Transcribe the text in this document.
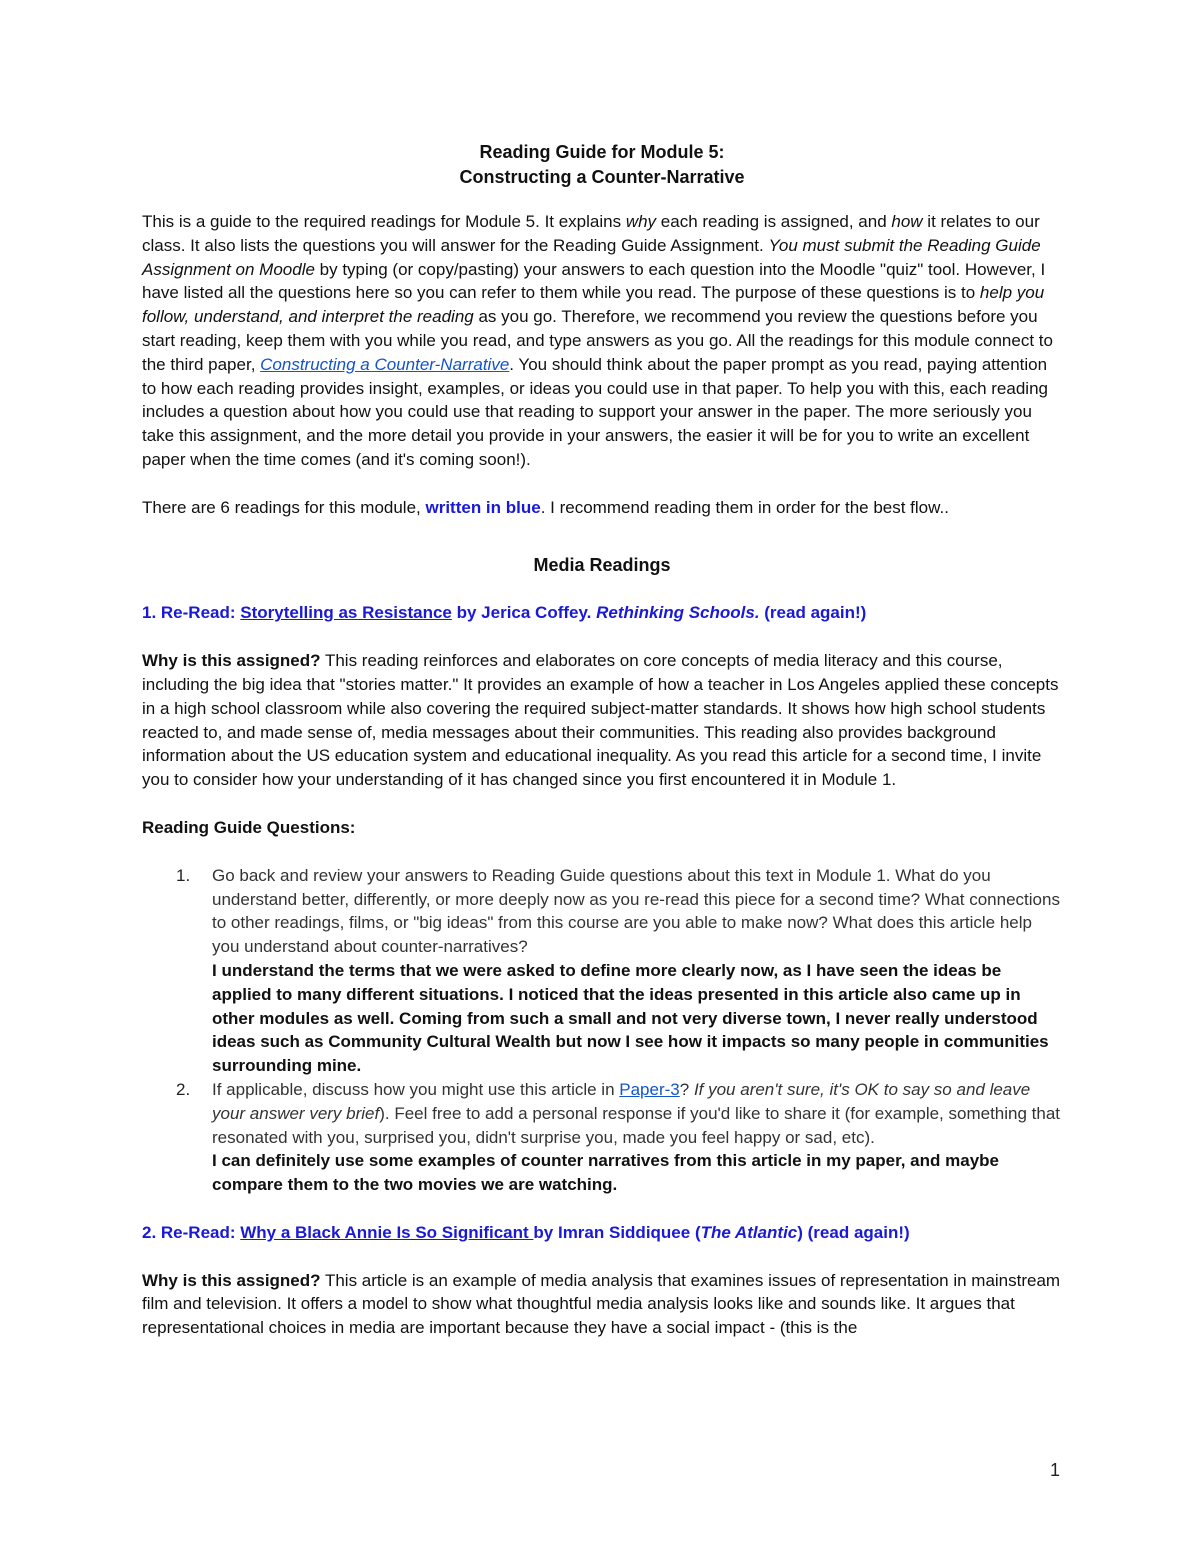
Reading Guide for Module 5:

Constructing a Counter-Narrative

This is a guide to the required readings for Module 5. It explains why each reading is assigned, and how it relates to our class. It also lists the questions you will answer for the Reading Guide Assignment. You must submit the Reading Guide Assignment on Moodle by typing (or copy/pasting) your answers to each question into the Moodle "quiz" tool. However, I have listed all the questions here so you can refer to them while you read. The purpose of these questions is to help you follow, understand, and interpret the reading as you go. Therefore, we recommend you review the questions before you start reading, keep them with you while you read, and type answers as you go. All the readings for this module connect to the third paper, Constructing a Counter-Narrative. You should think about the paper prompt as you read, paying attention to how each reading provides insight, examples, or ideas you could use in that paper. To help you with this, each reading includes a question about how you could use that reading to support your answer in the paper. The more seriously you take this assignment, and the more detail you provide in your answers, the easier it will be for you to write an excellent paper when the time comes (and it's coming soon!).

There are 6 readings for this module, written in blue. I recommend reading them in order for the best flow..

Media Readings

1. Re-Read: Storytelling as Resistance by Jerica Coffey. Rethinking Schools. (read again!)

Why is this assigned? This reading reinforces and elaborates on core concepts of media literacy and this course, including the big idea that "stories matter." It provides an example of how a teacher in Los Angeles applied these concepts in a high school classroom while also covering the required subject-matter standards. It shows how high school students reacted to, and made sense of, media messages about their communities. This reading also provides background information about the US education system and educational inequality. As you read this article for a second time, I invite you to consider how your understanding of it has changed since you first encountered it in Module 1.

Reading Guide Questions:

1. Go back and review your answers to Reading Guide questions about this text in Module 1. What do you understand better, differently, or more deeply now as you re-read this piece for a second time? What connections to other readings, films, or "big ideas" from this course are you able to make now? What does this article help you understand about counter-narratives?
I understand the terms that we were asked to define more clearly now, as I have seen the ideas be applied to many different situations. I noticed that the ideas presented in this article also came up in other modules as well. Coming from such a small and not very diverse town, I never really understood ideas such as Community Cultural Wealth but now I see how it impacts so many people in communities surrounding mine.
2. If applicable, discuss how you might use this article in Paper-3? If you aren't sure, it's OK to say so and leave your answer very brief). Feel free to add a personal response if you'd like to share it (for example, something that resonated with you, surprised you, didn't surprise you, made you feel happy or sad, etc).
I can definitely use some examples of counter narratives from this article in my paper, and maybe compare them to the two movies we are watching.

2. Re-Read: Why a Black Annie Is So Significant by Imran Siddiquee (The Atlantic) (read again!)

Why is this assigned? This article is an example of media analysis that examines issues of representation in mainstream film and television. It offers a model to show what thoughtful media analysis looks like and sounds like. It argues that representational choices in media are important because they have a social impact - (this is the

1
